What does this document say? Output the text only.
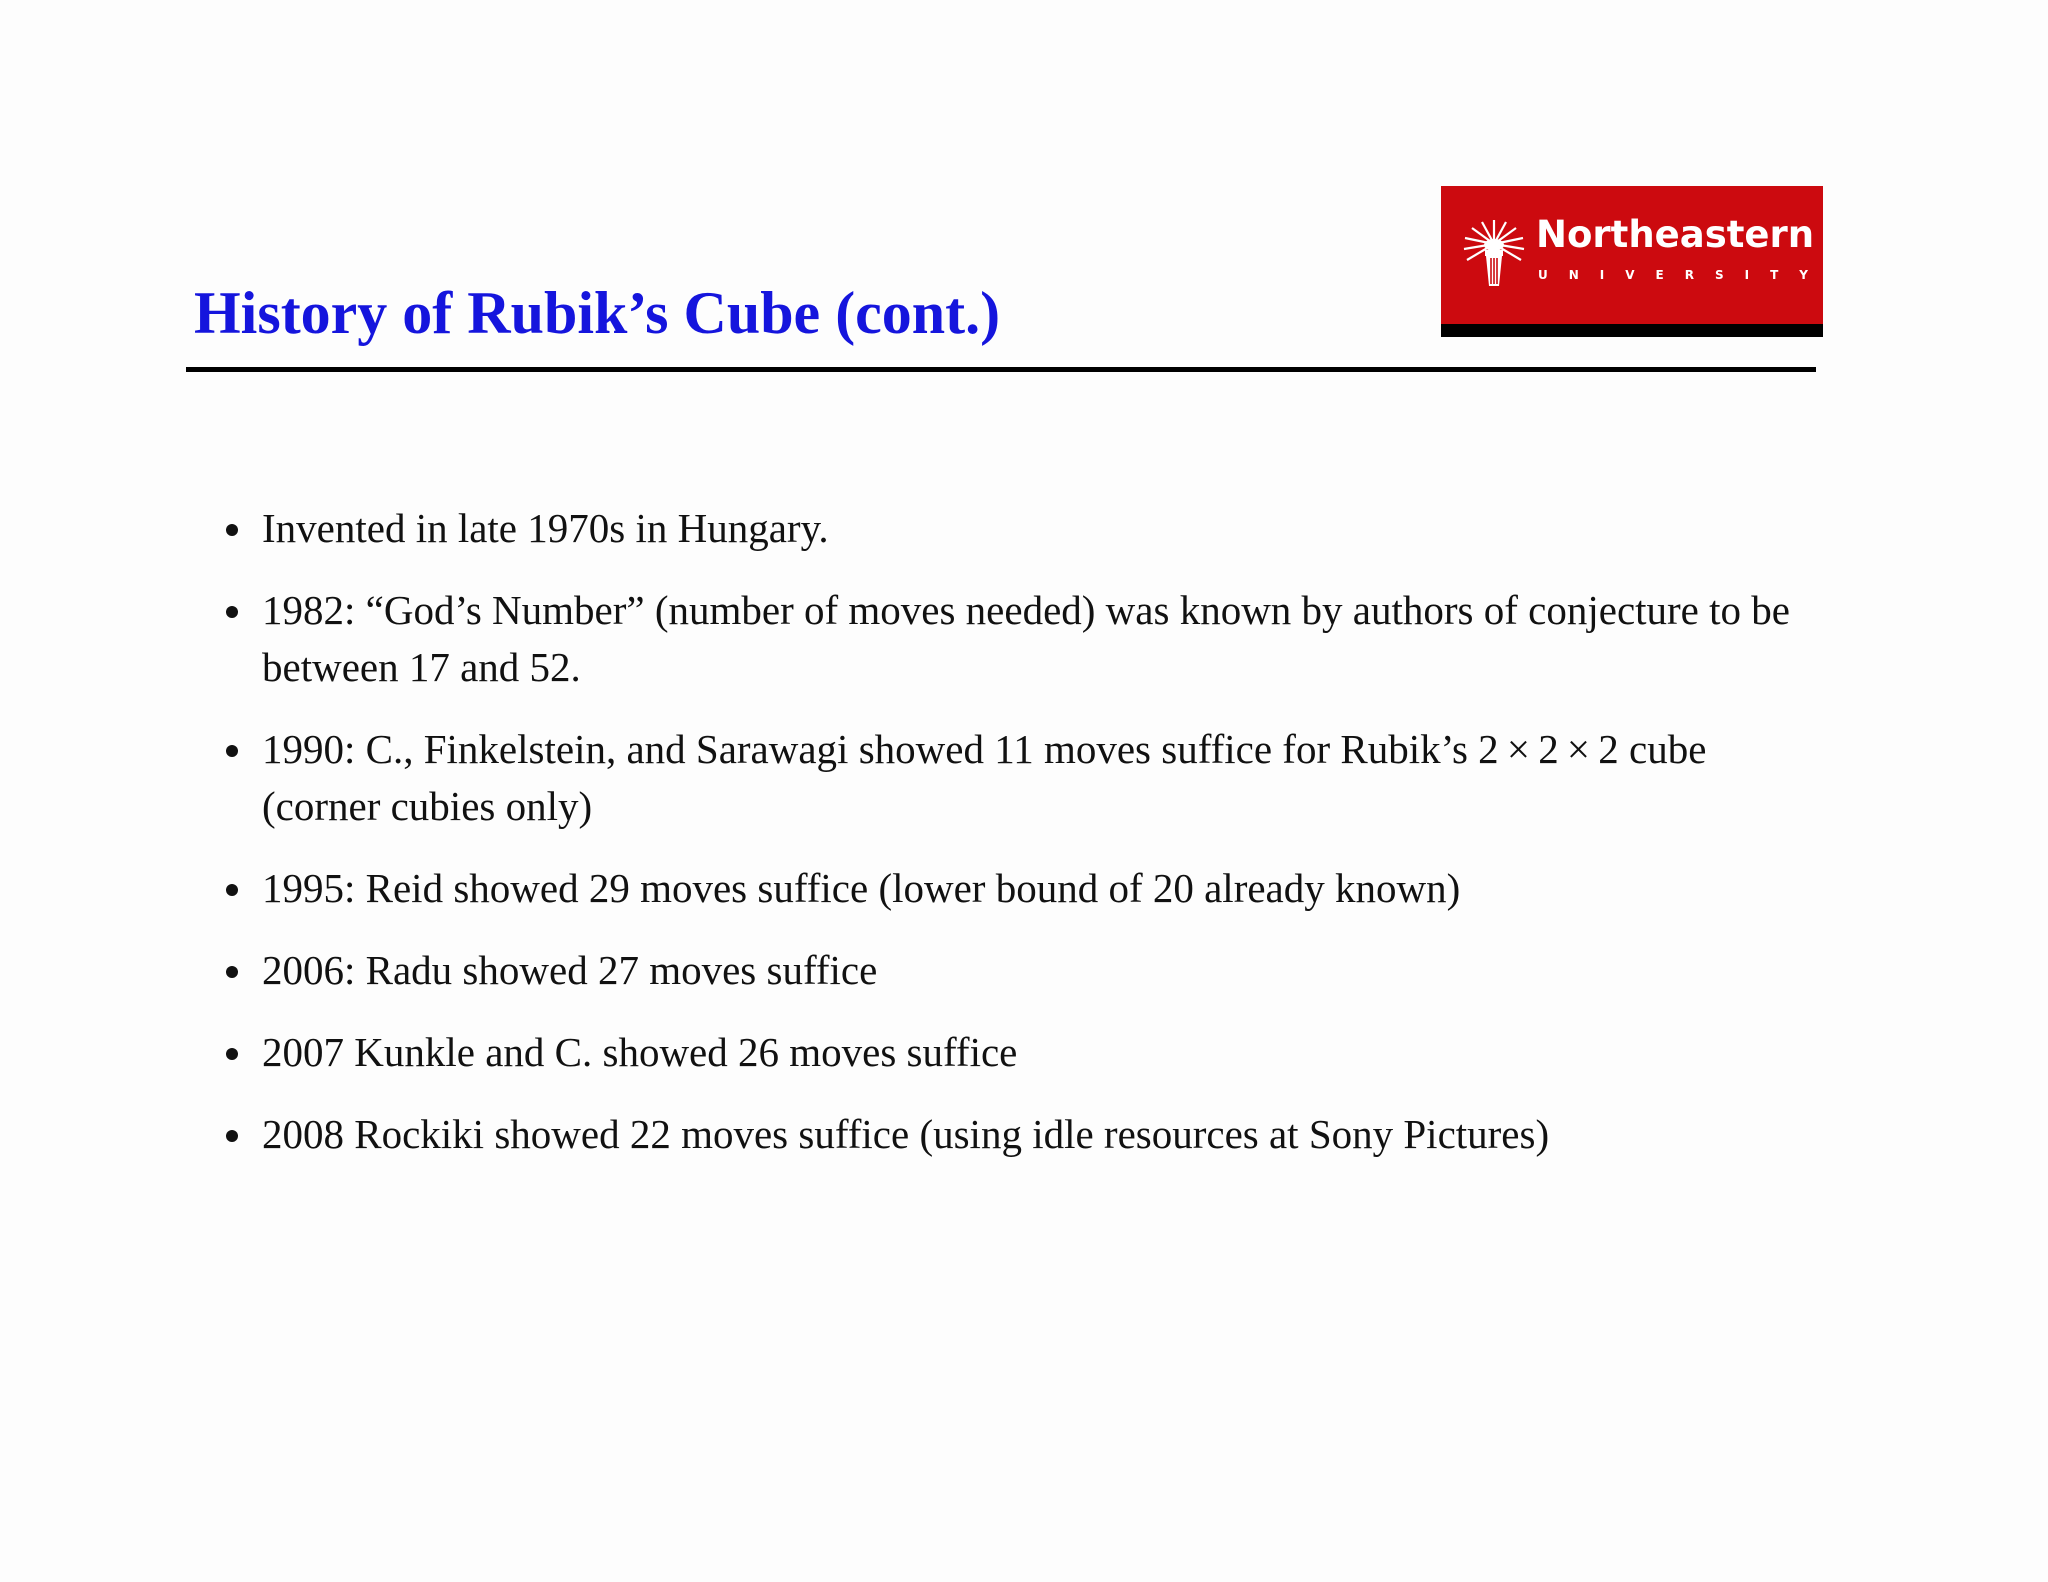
History of Rubik’s Cube (cont.)
Northeastern
UNIVERSITY
Invented in late 1970s in Hungary.
1982: “God’s Number” (number of moves needed) was known by authors of conjecture to be between 17 and 52.
1990: C., Finkelstein, and Sarawagi showed 11 moves suffice for Rubik’s 2 × 2 × 2 cube (corner cubies only)
1995: Reid showed 29 moves suffice (lower bound of 20 already known)
2006: Radu showed 27 moves suffice
2007 Kunkle and C. showed 26 moves suffice
2008 Rockiki showed 22 moves suffice (using idle resources at Sony Pictures)
